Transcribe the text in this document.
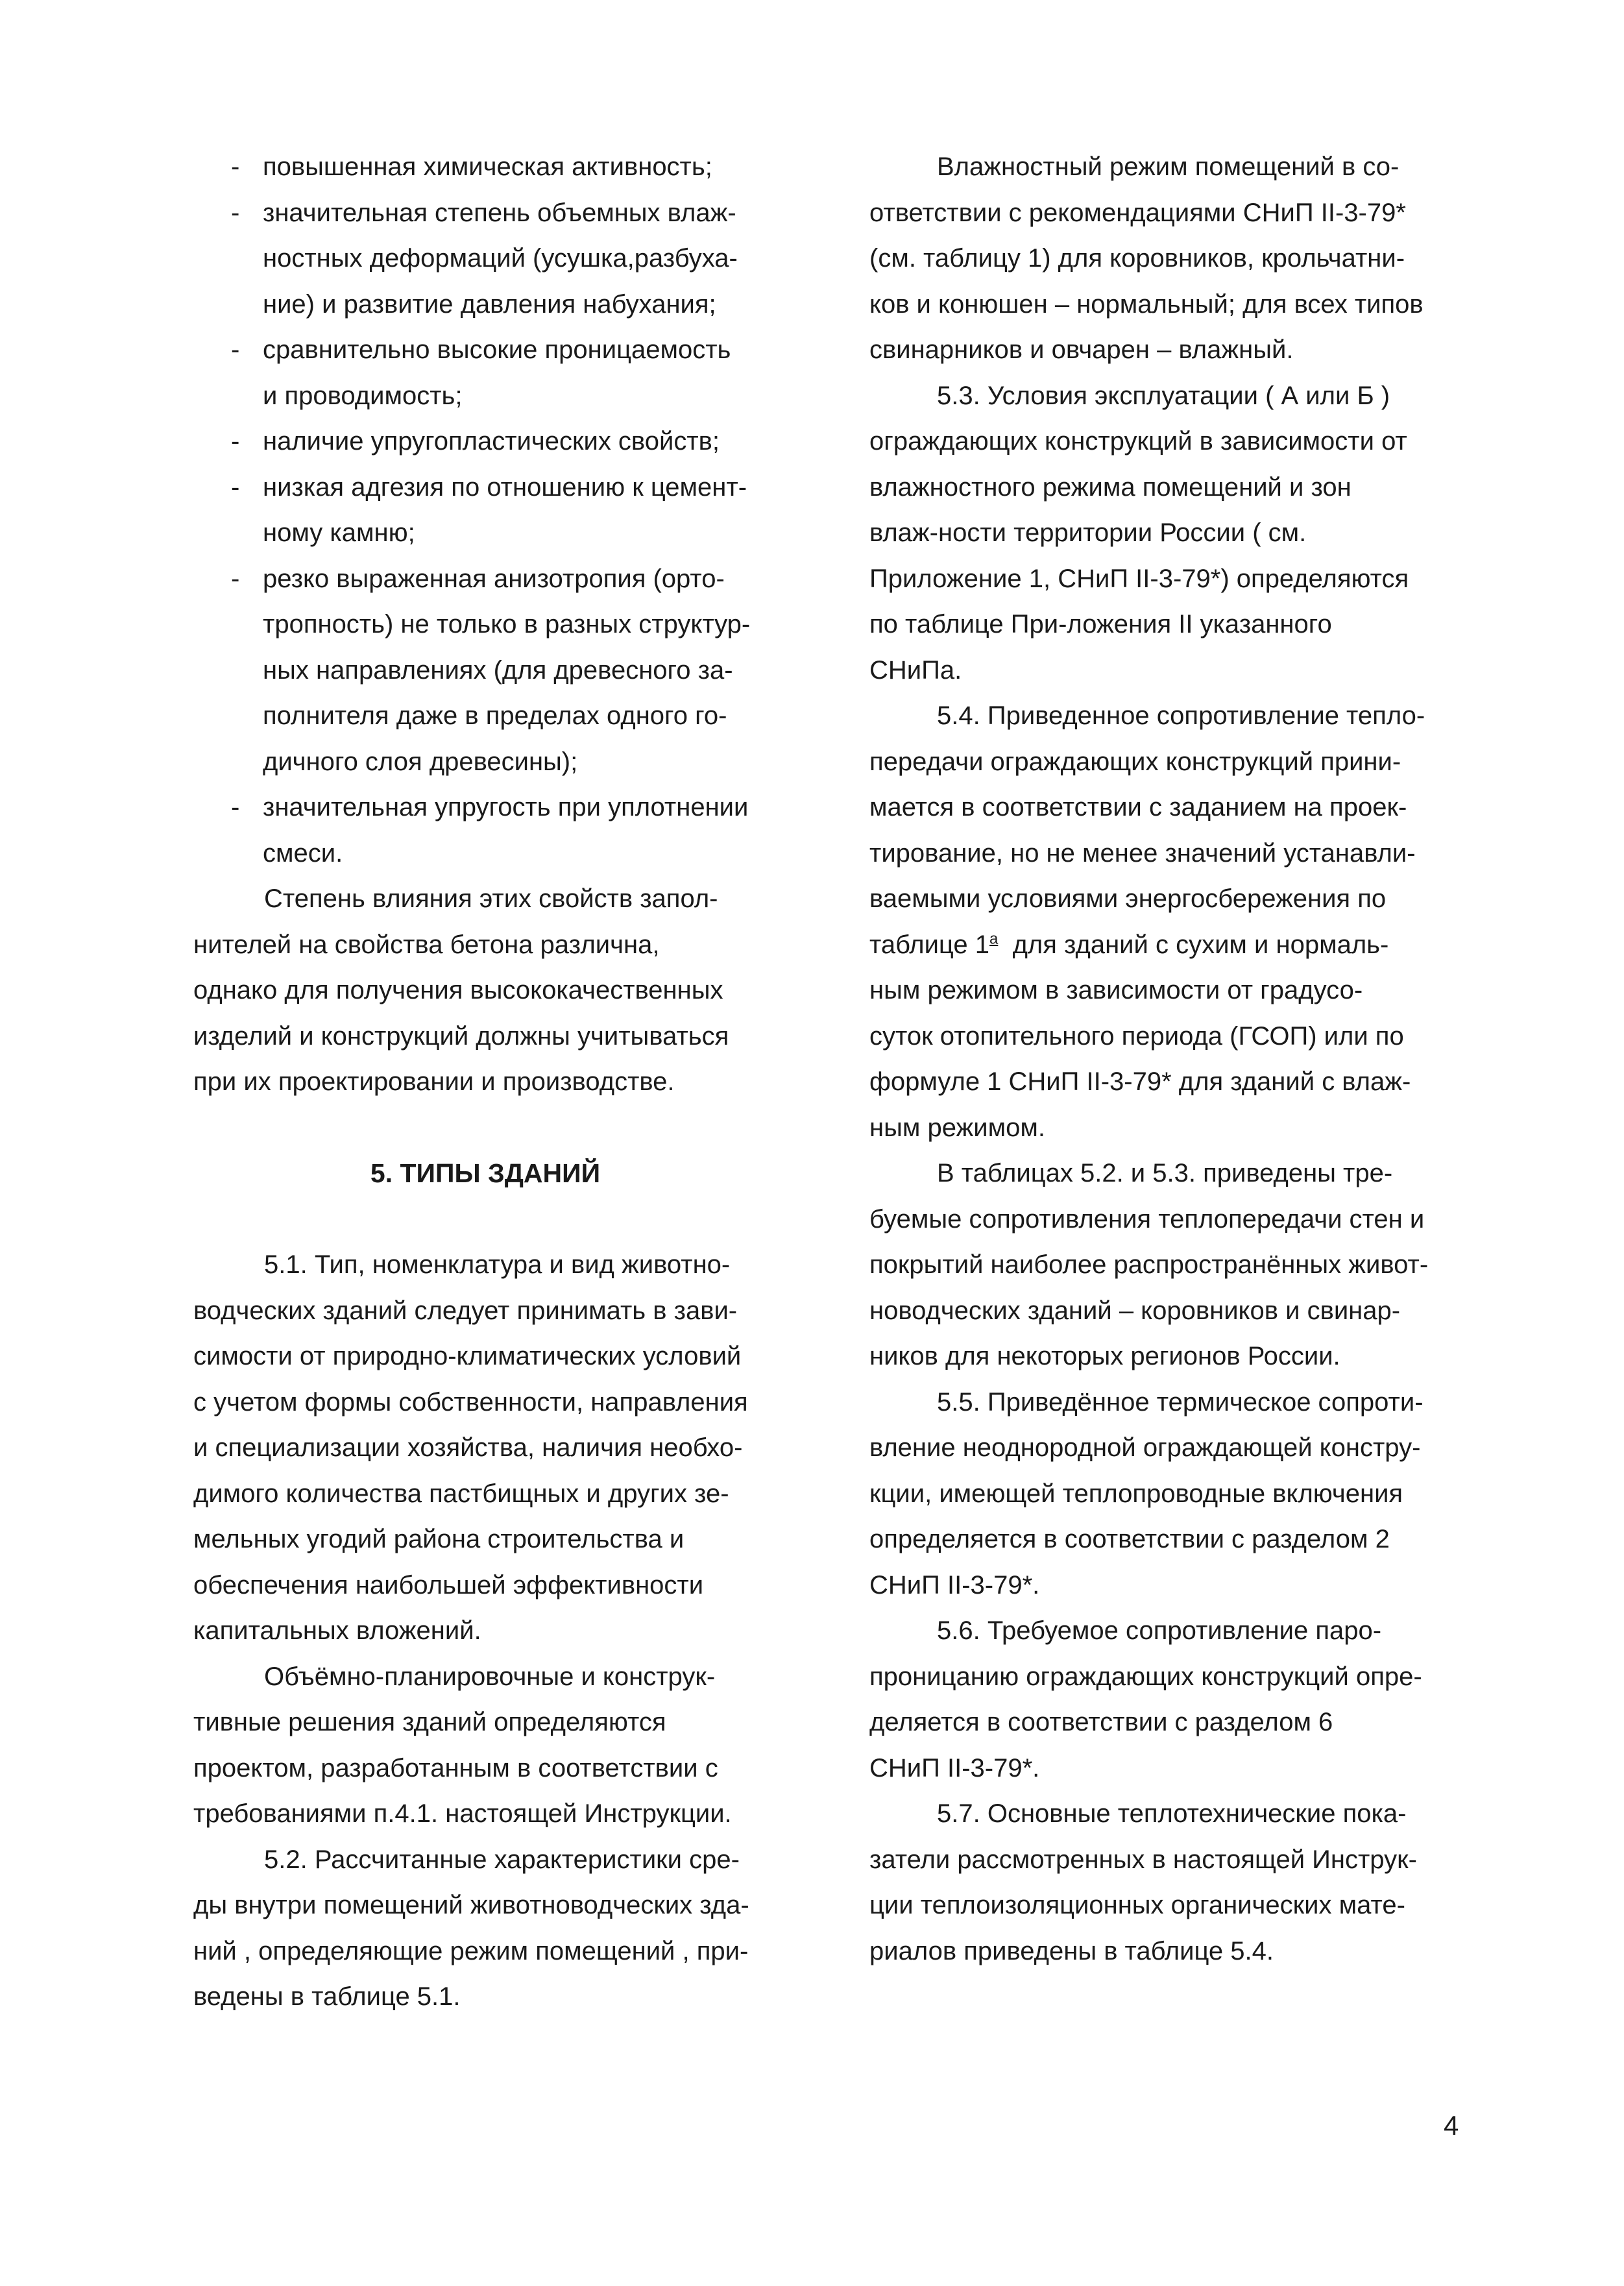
- повышенная химическая активность;

- значительная степень объемных влаж-
ностных деформаций (усушка,разбуха-
ние) и развитие давления набухания;

- сравнительно высокие проницаемость
и проводимость;

- наличие упругопластических свойств;

- низкая адгезия по отношению к цемент-
ному камню;

- резко выраженная анизотропия (орто-
тропность) не только в разных структур-
ных направлениях (для древесного за-
полнителя даже в пределах одного го-
дичного слоя древесины);

- значительная упругость при уплотнении
смеси.

Степень влияния этих свойств запол-

нителей на свойства бетона различна,
однако для получения высококачественных
изделий и конструкций должны учитываться
при их проектировании и производстве.

5. ТИПЫ ЗДАНИЙ

5.1. Тип, номенклатура и вид животно-

водческих зданий следует принимать в зави-
симости от природно-климатических условий
с учетом формы собственности, направления
и специализации хозяйства, наличия необхо-
димого количества пастбищных и других зе-
мельных угодий района строительства и
обеспечения наибольшей эффективности
капитальных вложений.

Объёмно-планировочные и конструк-

тивные решения зданий определяются
проектом, разработанным в соответствии с
требованиями п.4.1. настоящей Инструкции.

5.2. Рассчитанные характеристики сре-

ды внутри помещений животноводческих зда-
ний , определяющие режим помещений , при-
ведены в таблице 5.1.

Влажностный режим помещений в со-

ответствии с рекомендациями СНиП II-3-79*
(см. таблицу 1) для коровников, крольчатни-
ков и конюшен – нормальный; для всех типов
свинарников и овчарен – влажный.

5.3. Условия эксплуатации ( А или Б )

ограждающих конструкций в зависимости от
влажностного режима помещений и зон
влаж-ности территории России ( см.
Приложение 1, СНиП II-3-79*) определяются
по таблице При-ложения II указанного
СНиПа.

5.4. Приведенное сопротивление тепло-

передачи ограждающих конструкций прини-
мается в соответствии с заданием на проек-
тирование, но не менее значений устанавли-
ваемыми условиями энергосбережения по
таблице $1^а$  для зданий с сухим и нормаль-
ным режимом в зависимости от градусо-
суток отопительного периода (ГСОП) или по
формуле 1 СНиП II-3-79* для зданий с влаж-
ным режимом.

В таблицах 5.2. и 5.3. приведены тре-

буемые сопротивления теплопередачи стен и
покрытий наиболее распространённых живот-
новодческих зданий – коровников и свинар-
ников для некоторых регионов России.

5.5. Приведённое термическое сопроти-

вление неоднородной ограждающей констру-
кции, имеющей теплопроводные включения
определяется в соответствии с разделом 2
СНиП II-3-79*.

5.6. Требуемое сопротивление паро-

проницанию ограждающих конструкций опре-
деляется в соответствии с разделом 6
СНиП II-3-79*.

5.7. Основные теплотехнические пока-

затели рассмотренных в настоящей Инструк-
ции теплоизоляционных органических мате-
риалов приведены в таблице 5.4.

4
